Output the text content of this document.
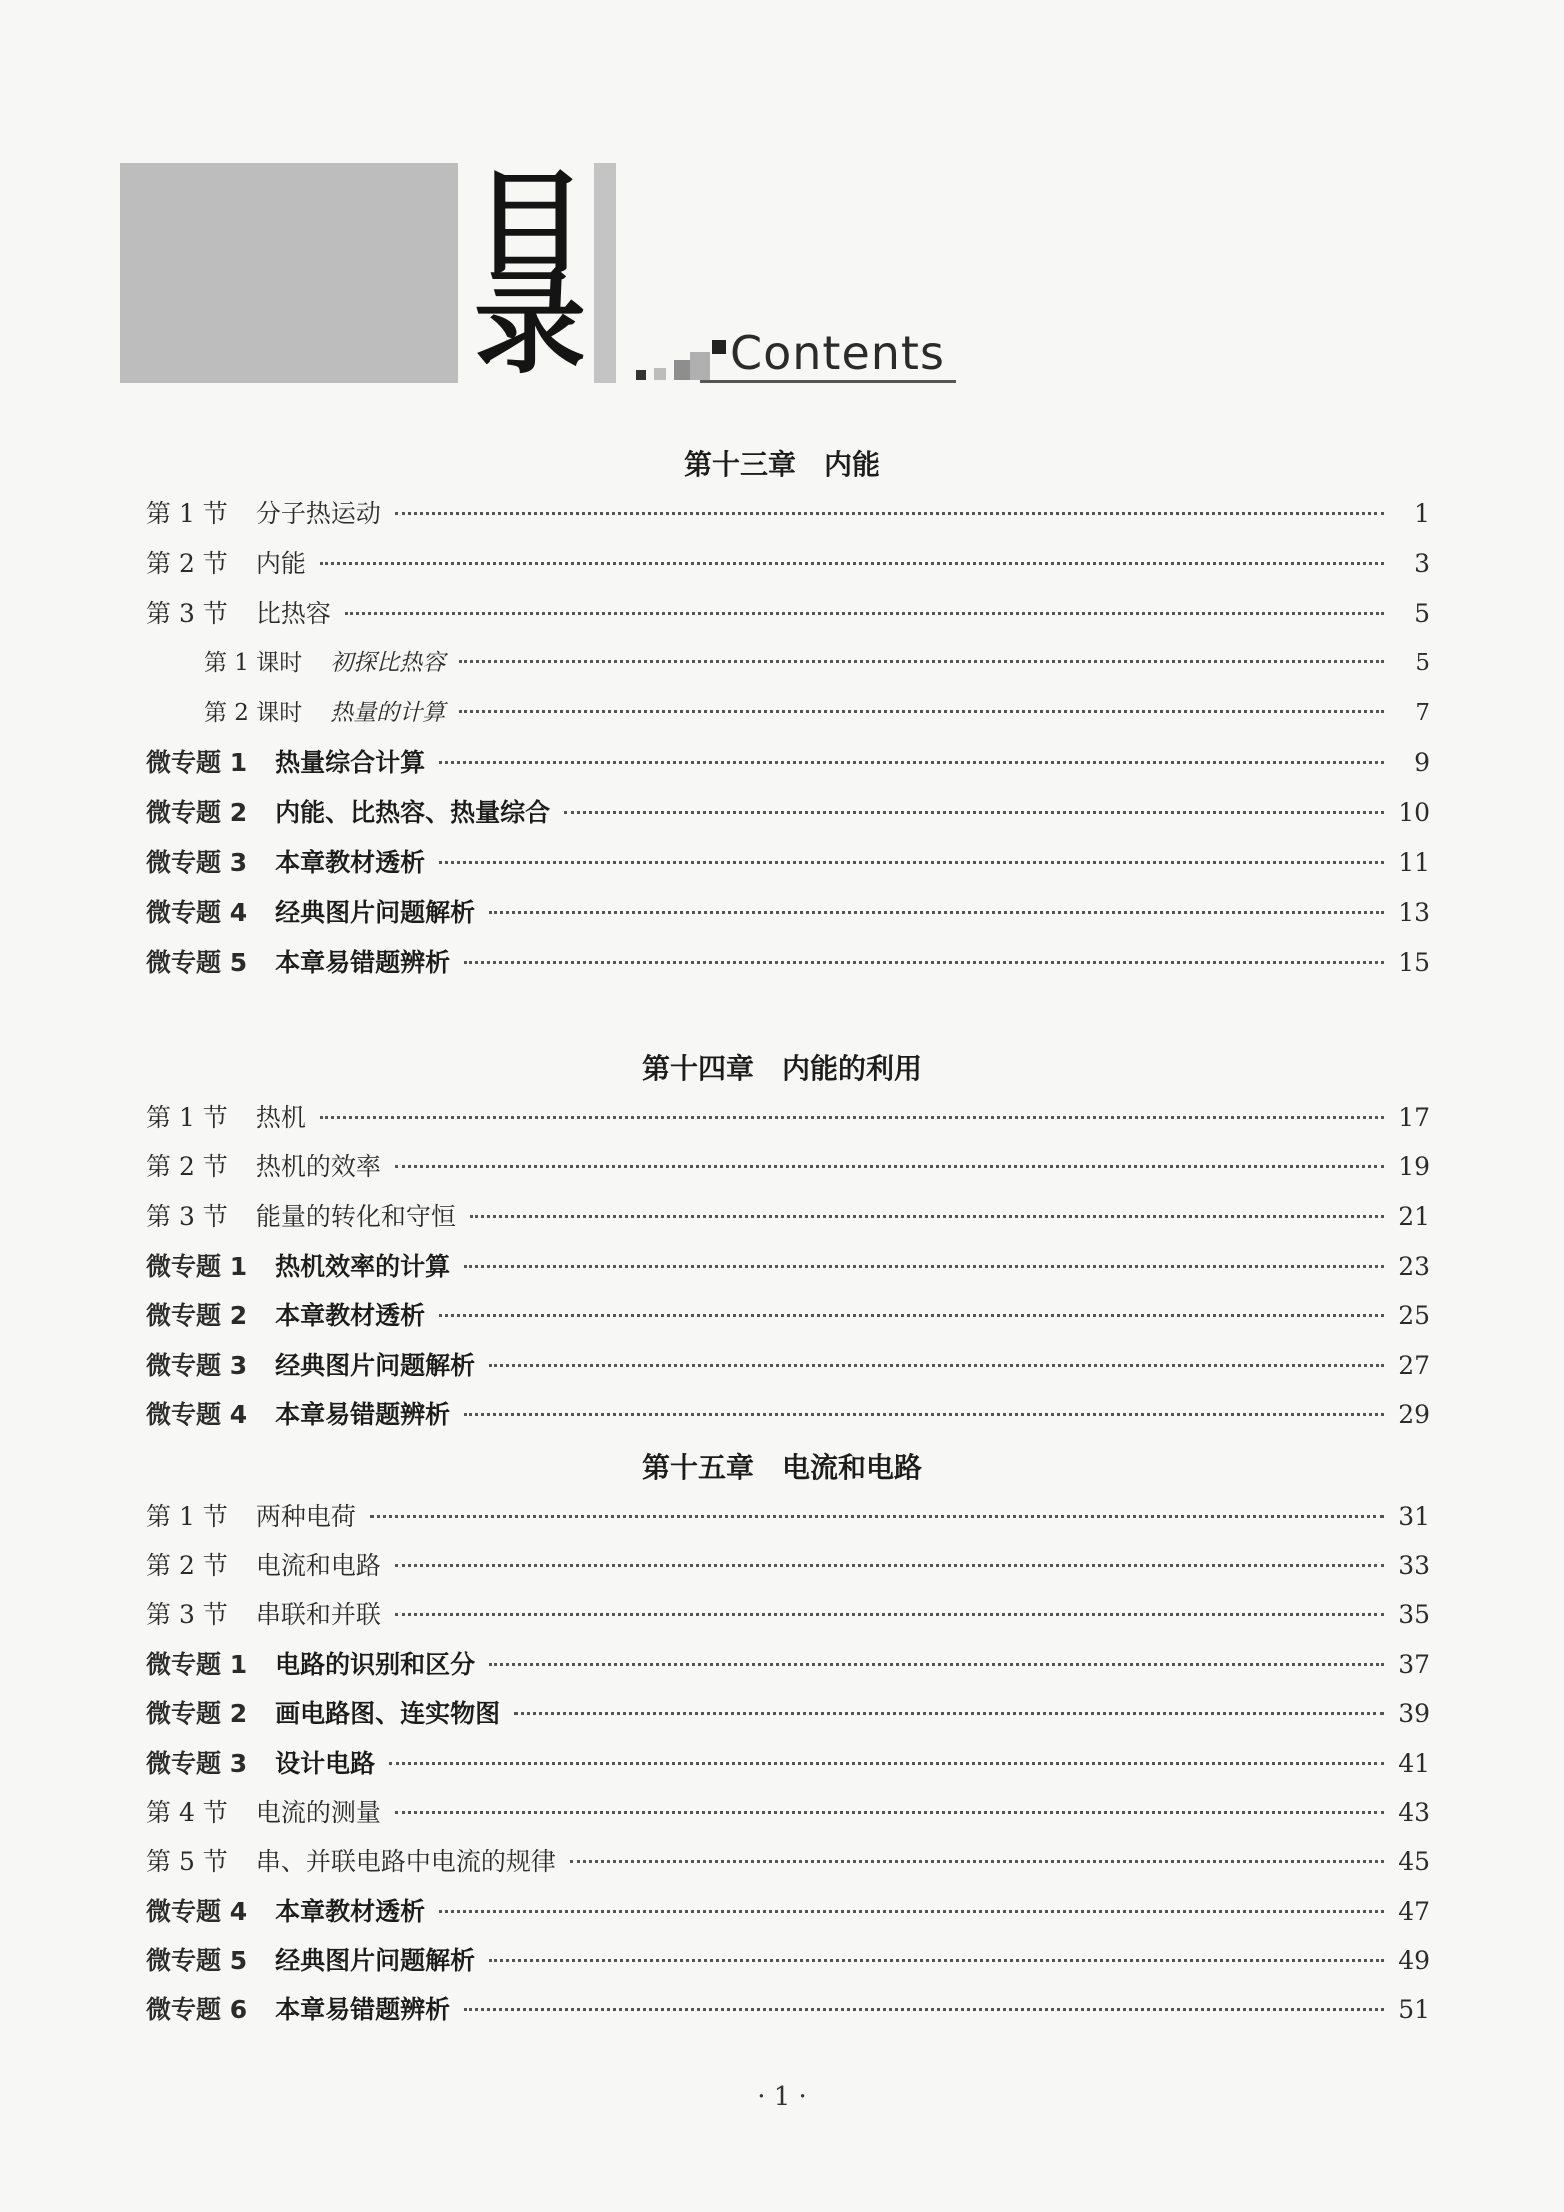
目
录	Contents
第十三章 内能
第 1 节	分子热运动	1
第 2 节	内能	3
第 3 节	比热容	5
第 1 课时	初探比热容	5
第 2 课时	热量的计算	7
微专题 1	热量综合计算	9
微专题 2	内能、比热容、热量综合	10
微专题 3	本章教材透析	11
微专题 4	经典图片问题解析	13
微专题 5	本章易错题辨析	15
第十四章 内能的利用
第 1 节	热机	17
第 2 节	热机的效率	19
第 3 节	能量的转化和守恒	21
微专题 1	热机效率的计算	23
微专题 2	本章教材透析	25
微专题 3	经典图片问题解析	27
微专题 4	本章易错题辨析	29
第十五章 电流和电路
第 1 节	两种电荷	31
第 2 节	电流和电路	33
第 3 节	串联和并联	35
微专题 1	电路的识别和区分	37
微专题 2	画电路图、连实物图	39
微专题 3	设计电路	41
第 4 节	电流的测量	43
第 5 节	串、并联电路中电流的规律	45
微专题 4	本章教材透析	47
微专题 5	经典图片问题解析	49
微专题 6	本章易错题辨析	51
· 1 ·
